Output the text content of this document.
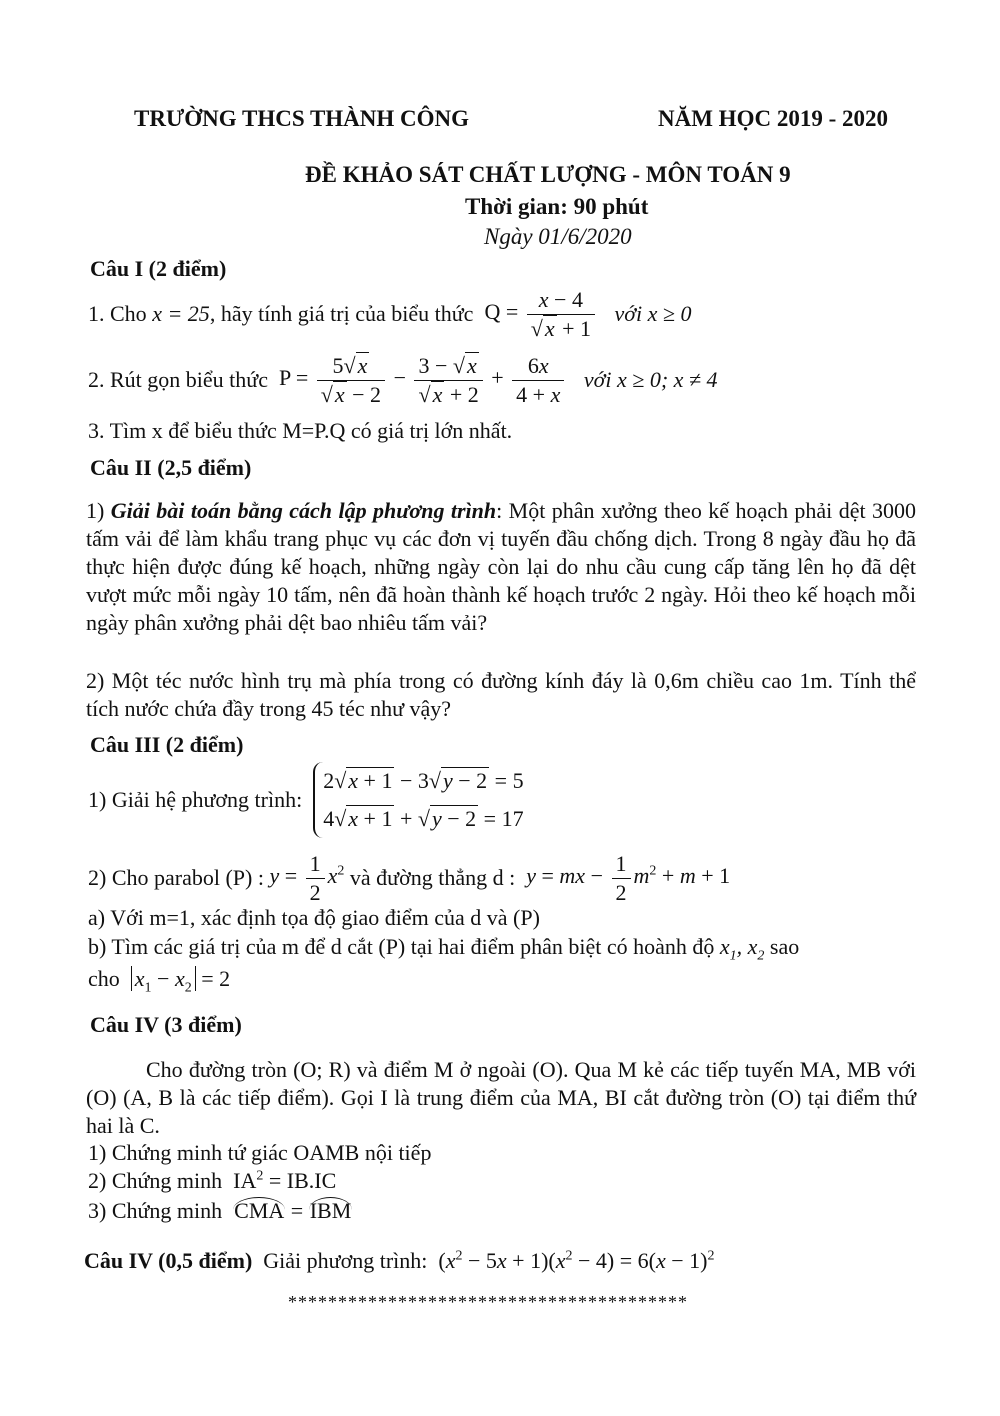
TRƯỜNG THCS THÀNH CÔNG	NĂM HỌC 2019 - 2020
ĐỀ KHẢO SÁT CHẤT LƯỢNG - MÔN TOÁN 9
Thời gian: 90 phút
Ngày 01/6/2020
Câu I (2 điểm)
1. Cho
x = 25 , hãy tính giá trị của biểu thức
$Q = \frac{x - 4}{√x + 1}$
với x ≥ 0
2. Rút gọn biểu thức
$P = \frac{5√x}{√x - 2} - \frac{3 - √x}{√x + 2} + \frac{6x}{4 + x}$
với x ≥ 0; x ≠ 4
3. Tìm x để biểu thức M=P.Q có giá trị lớn nhất.
Câu II (2,5 điểm)
1) Giải bài toán bằng cách lập phương trình: Một phân xưởng theo kế hoạch phải dệt 3000 tấm vải để làm khẩu trang phục vụ các đơn vị tuyến đầu chống dịch. Trong 8 ngày đầu họ đã thực hiện được đúng kế hoạch, những ngày còn lại do nhu cầu cung cấp tăng lên họ đã dệt vượt mức mỗi ngày 10 tấm, nên đã hoàn thành kế hoạch trước 2 ngày. Hỏi theo kế hoạch mỗi ngày phân xưởng phải dệt bao nhiêu tấm vải?
2) Một téc nước hình trụ mà phía trong có đường kính đáy là 0,6m chiều cao 1m. Tính thể tích nước chứa đầy trong 45 téc như vậy?
Câu III (2 điểm)
1) Giải hệ phương trình:

2√x + 1 − 3√y − 2 = 5
4√x + 1 + √y − 2 = 17
2) Cho parabol (P) :
$y = \frac{1}{2} x^2$
và đường thẳng d :
y = mx − $\frac{1}{2} m^2 + m + 1$
a) Với m=1, xác định tọa độ giao điểm của d và (P)
b) Tìm các giá trị của m để d cắt (P) tại hai điểm phân biệt có hoành độ $x_1$, $x_2$ sao
cho $x_1 - x_2 = 2$
Câu IV (3 điểm)
Cho đường tròn (O; R) và điểm M ở ngoài (O). Qua M kẻ các tiếp tuyến MA, MB với (O) (A, B là các tiếp điểm). Gọi I là trung điểm của MA, BI cắt đường tròn (O) tại điểm thứ hai là C.
1) Chứng minh tứ giác OAMB nội tiếp
2) Chứng minh  $IA^2 = IB.IC$
3) Chứng minh CMA = IBM
Câu IV (0,5 điểm)
Giải phương trình:
$(x^2 - 5x + 1)(x^2 - 4) = 6(x - 1)^2$
****************************************
